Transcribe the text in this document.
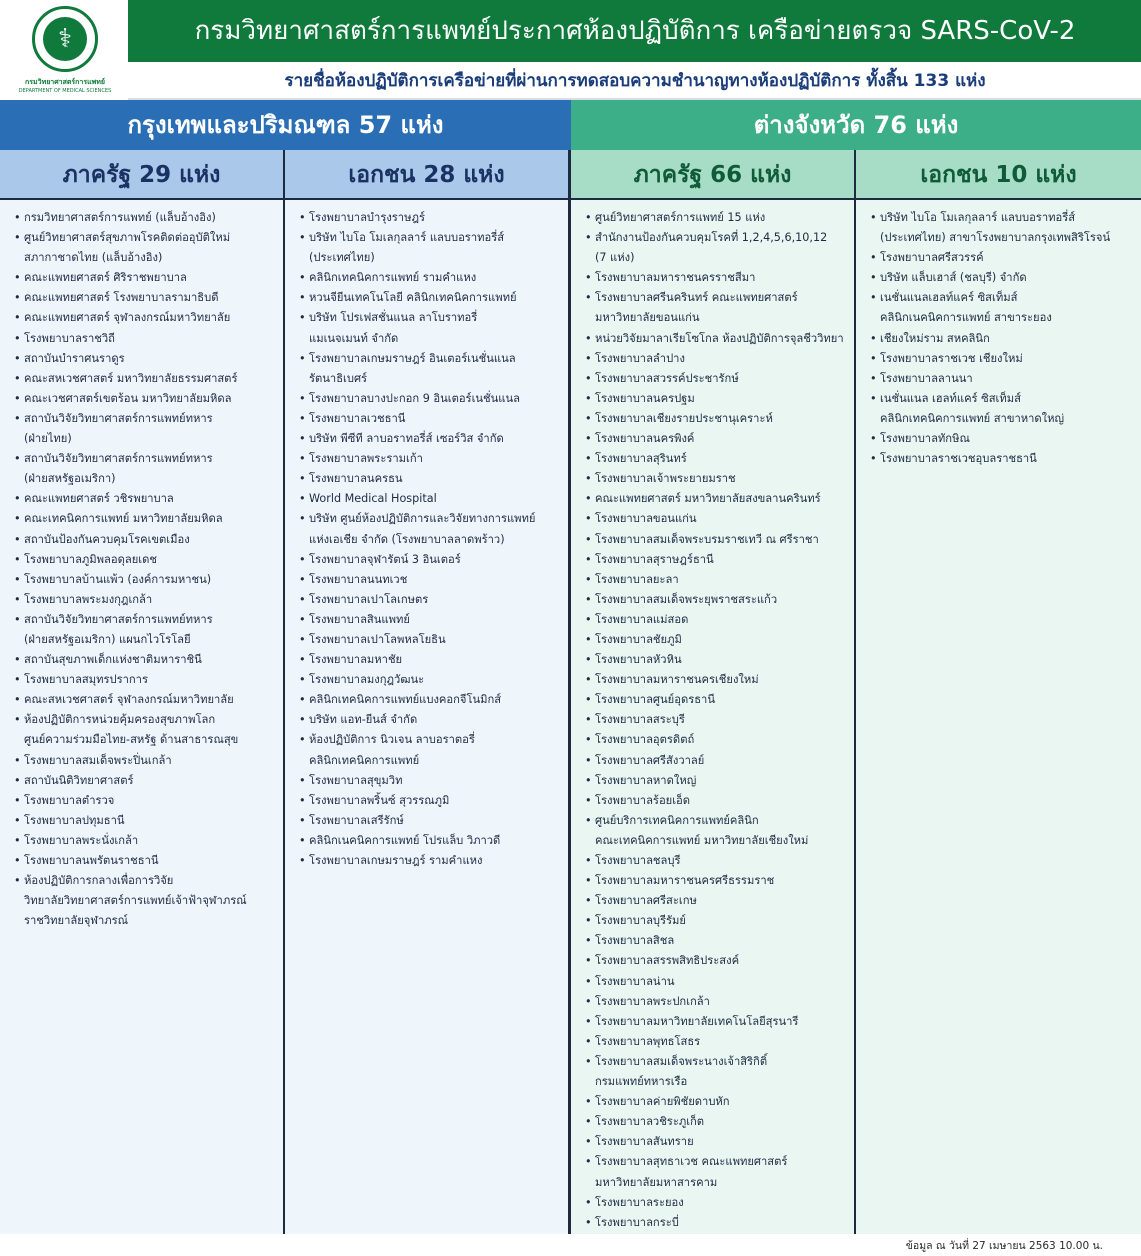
⚕
กรมวิทยาศาสตร์การแพทย์
DEPARTMENT OF MEDICAL SCIENCES
กรมวิทยาศาสตร์การแพทย์ประกาศห้องปฏิบัติการ เครือข่ายตรวจ SARS-CoV-2
รายชื่อห้องปฏิบัติการเครือข่ายที่ผ่านการทดสอบความชำนาญทางห้องปฏิบัติการ ทั้งสิ้น 133 แห่ง
กรุงเทพและปริมณฑล 57 แห่ง	ต่างจังหวัด 76 แห่ง
ภาครัฐ 29 แห่ง
• กรมวิทยาศาสตร์การแพทย์ (แล็บอ้างอิง)
• ศูนย์วิทยาศาสตร์สุขภาพโรคติดต่ออุบัติใหม่
สภากาชาดไทย (แล็บอ้างอิง)
• คณะแพทยศาสตร์ ศิริราชพยาบาล
• คณะแพทยศาสตร์ โรงพยาบาลรามาธิบดี
• คณะแพทยศาสตร์ จุฬาลงกรณ์มหาวิทยาลัย
• โรงพยาบาลราชวิถี
• สถาบันบำราศนราดูร
• คณะสหเวชศาสตร์ มหาวิทยาลัยธรรมศาสตร์
• คณะเวชศาสตร์เขตร้อน มหาวิทยาลัยมหิดล
• สถาบันวิจัยวิทยาศาสตร์การแพทย์ทหาร
(ฝ่ายไทย)
• สถาบันวิจัยวิทยาศาสตร์การแพทย์ทหาร
(ฝ่ายสหรัฐอเมริกา)
• คณะแพทยศาสตร์ วชิรพยาบาล
• คณะเทคนิคการแพทย์ มหาวิทยาลัยมหิดล
• สถาบันป้องกันควบคุมโรคเขตเมือง
• โรงพยาบาลภูมิพลอดุลยเดช
• โรงพยาบาลบ้านแพ้ว (องค์การมหาชน)
• โรงพยาบาลพระมงกุฎเกล้า
• สถาบันวิจัยวิทยาศาสตร์การแพทย์ทหาร
(ฝ่ายสหรัฐอเมริกา) แผนกไวโรโลยี
• สถาบันสุขภาพเด็กแห่งชาติมหาราชินี
• โรงพยาบาลสมุทรปราการ
• คณะสหเวชศาสตร์ จุฬาลงกรณ์มหาวิทยาลัย
• ห้องปฏิบัติการหน่วยคุ้มครองสุขภาพโลก
ศูนย์ความร่วมมือไทย-สหรัฐ ด้านสาธารณสุข
• โรงพยาบาลสมเด็จพระปิ่นเกล้า
• สถาบันนิติวิทยาศาสตร์
• โรงพยาบาลตำรวจ
• โรงพยาบาลปทุมธานี
• โรงพยาบาลพระนั่งเกล้า
• โรงพยาบาลนพรัตนราชธานี
• ห้องปฏิบัติการกลางเพื่อการวิจัย
วิทยาลัยวิทยาศาสตร์การแพทย์เจ้าฟ้าจุฬาภรณ์
ราชวิทยาลัยจุฬาภรณ์
เอกชน 28 แห่ง
• โรงพยาบาลบำรุงราษฎร์
• บริษัท ไบโอ โมเลกุลลาร์ แลบบอราทอรี่ส์
(ประเทศไทย)
• คลินิกเทคนิคการแพทย์ รามคำแหง
• หวนจียีนเทคโนโลยี คลินิกเทคนิคการแพทย์
• บริษัท โปรเฟสชั่นแนล ลาโบราทอรี่
แมเนจเมนท์ จำกัด
• โรงพยาบาลเกษมราษฎร์ อินเตอร์เนชั่นแนล
รัตนาธิเบศร์
• โรงพยาบาลบางปะกอก 9 อินเตอร์เนชั่นแนล
• โรงพยาบาลเวชธานี
• บริษัท พีซีที ลาบอราทอรี่ส์ เซอร์วิส จำกัด
• โรงพยาบาลพระรามเก้า
• โรงพยาบาลนครธน
• World Medical Hospital
• บริษัท ศูนย์ห้องปฏิบัติการและวิจัยทางการแพทย์
แห่งเอเชีย จำกัด (โรงพยาบาลลาดพร้าว)
• โรงพยาบาลจุฬารัตน์ 3 อินเตอร์
• โรงพยาบาลนนทเวช
• โรงพยาบาลเปาโลเกษตร
• โรงพยาบาลสินแพทย์
• โรงพยาบาลเปาโลพหลโยธิน
• โรงพยาบาลมหาชัย
• โรงพยาบาลมงกุฎวัฒนะ
• คลินิกเทคนิคการแพทย์แบงคอกจีโนมิกส์
• บริษัท แอท-ยีนส์ จำกัด
• ห้องปฏิบัติการ นิวเจน ลาบอราตอรี่
คลินิกเทคนิคการแพทย์
• โรงพยาบาลสุขุมวิท
• โรงพยาบาลพริ้นซ์ สุวรรณภูมิ
• โรงพยาบาลเสรีรักษ์
• คลินิกเนคนิคการแพทย์ โปรแล็บ วิภาวดี
• โรงพยาบาลเกษมราษฎร์ รามคำแหง
ภาครัฐ 66 แห่ง
• ศูนย์วิทยาศาสตร์การแพทย์ 15 แห่ง
• สำนักงานป้องกันควบคุมโรคที่ 1,2,4,5,6,10,12
(7 แห่ง)
• โรงพยาบาลมหาราชนครราชสีมา
• โรงพยาบาลศรีนครินทร์ คณะแพทยศาสตร์
มหาวิทยาลัยขอนแก่น
• หน่วยวิจัยมาลาเรียโซโกล ห้องปฏิบัติการจุลชีววิทยา
• โรงพยาบาลลำปาง
• โรงพยาบาลสวรรค์ประชารักษ์
• โรงพยาบาลนครปฐม
• โรงพยาบาลเชียงรายประชานุเคราะห์
• โรงพยาบาลนครพิงค์
• โรงพยาบาลสุรินทร์
• โรงพยาบาลเจ้าพระยายมราช
• คณะแพทยศาสตร์ มหาวิทยาลัยสงขลานครินทร์
• โรงพยาบาลขอนแก่น
• โรงพยาบาลสมเด็จพระบรมราชเทวี ณ ศรีราชา
• โรงพยาบาลสุราษฎร์ธานี
• โรงพยาบาลยะลา
• โรงพยาบาลสมเด็จพระยุพราชสระแก้ว
• โรงพยาบาลแม่สอด
• โรงพยาบาลชัยภูมิ
• โรงพยาบาลหัวหิน
• โรงพยาบาลมหาราชนครเชียงใหม่
• โรงพยาบาลศูนย์อุดรธานี
• โรงพยาบาลสระบุรี
• โรงพยาบาลอุตรดิตถ์
• โรงพยาบาลศรีสังวาลย์
• โรงพยาบาลหาดใหญ่
• โรงพยาบาลร้อยเอ็ด
• ศูนย์บริการเทคนิคการแพทย์คลินิก
คณะเทคนิคการแพทย์ มหาวิทยาลัยเชียงใหม่
• โรงพยาบาลชลบุรี
• โรงพยาบาลมหาราชนครศรีธรรมราช
• โรงพยาบาลศรีสะเกษ
• โรงพยาบาลบุรีรัมย์
• โรงพยาบาลสิชล
• โรงพยาบาลสรรพสิทธิประสงค์
• โรงพยาบาลน่าน
• โรงพยาบาลพระปกเกล้า
• โรงพยาบาลมหาวิทยาลัยเทคโนโลยีสุรนารี
• โรงพยาบาลพุทธโสธร
• โรงพยาบาลสมเด็จพระนางเจ้าสิริกิติ์
กรมแพทย์ทหารเรือ
• โรงพยาบาลค่ายพิชัยดาบหัก
• โรงพยาบาลวชิระภูเก็ต
• โรงพยาบาลสันทราย
• โรงพยาบาลสุทธาเวช คณะแพทยศาสตร์
มหาวิทยาลัยมหาสารคาม
• โรงพยาบาลระยอง
• โรงพยาบาลกระบี่
เอกชน 10 แห่ง
• บริษัท ไบโอ โมเลกุลลาร์ แลบบอราทอรี่ส์
(ประเทศไทย) สาขาโรงพยาบาลกรุงเทพสิริโรจน์
• โรงพยาบาลศรีสวรรค์
• บริษัท แล็บเฮาส์ (ชลบุรี) จำกัด
• เนชั่นแนลเฮลท์แคร์ ซิสเท็มส์
คลินิกเนคนิคการแพทย์ สาขาระยอง
• เชียงใหม่ราม สหคลินิก
• โรงพยาบาลราชเวช เชียงใหม่
• โรงพยาบาลลานนา
• เนชั่นแนล เฮลท์แคร์ ซิสเท็มส์
คลินิกเทคนิคการแพทย์ สาขาหาดใหญ่
• โรงพยาบาลทักษิณ
• โรงพยาบาลราชเวชอุบลราชธานี
ข้อมูล ณ วันที่ 27 เมษายน 2563 10.00 น.
